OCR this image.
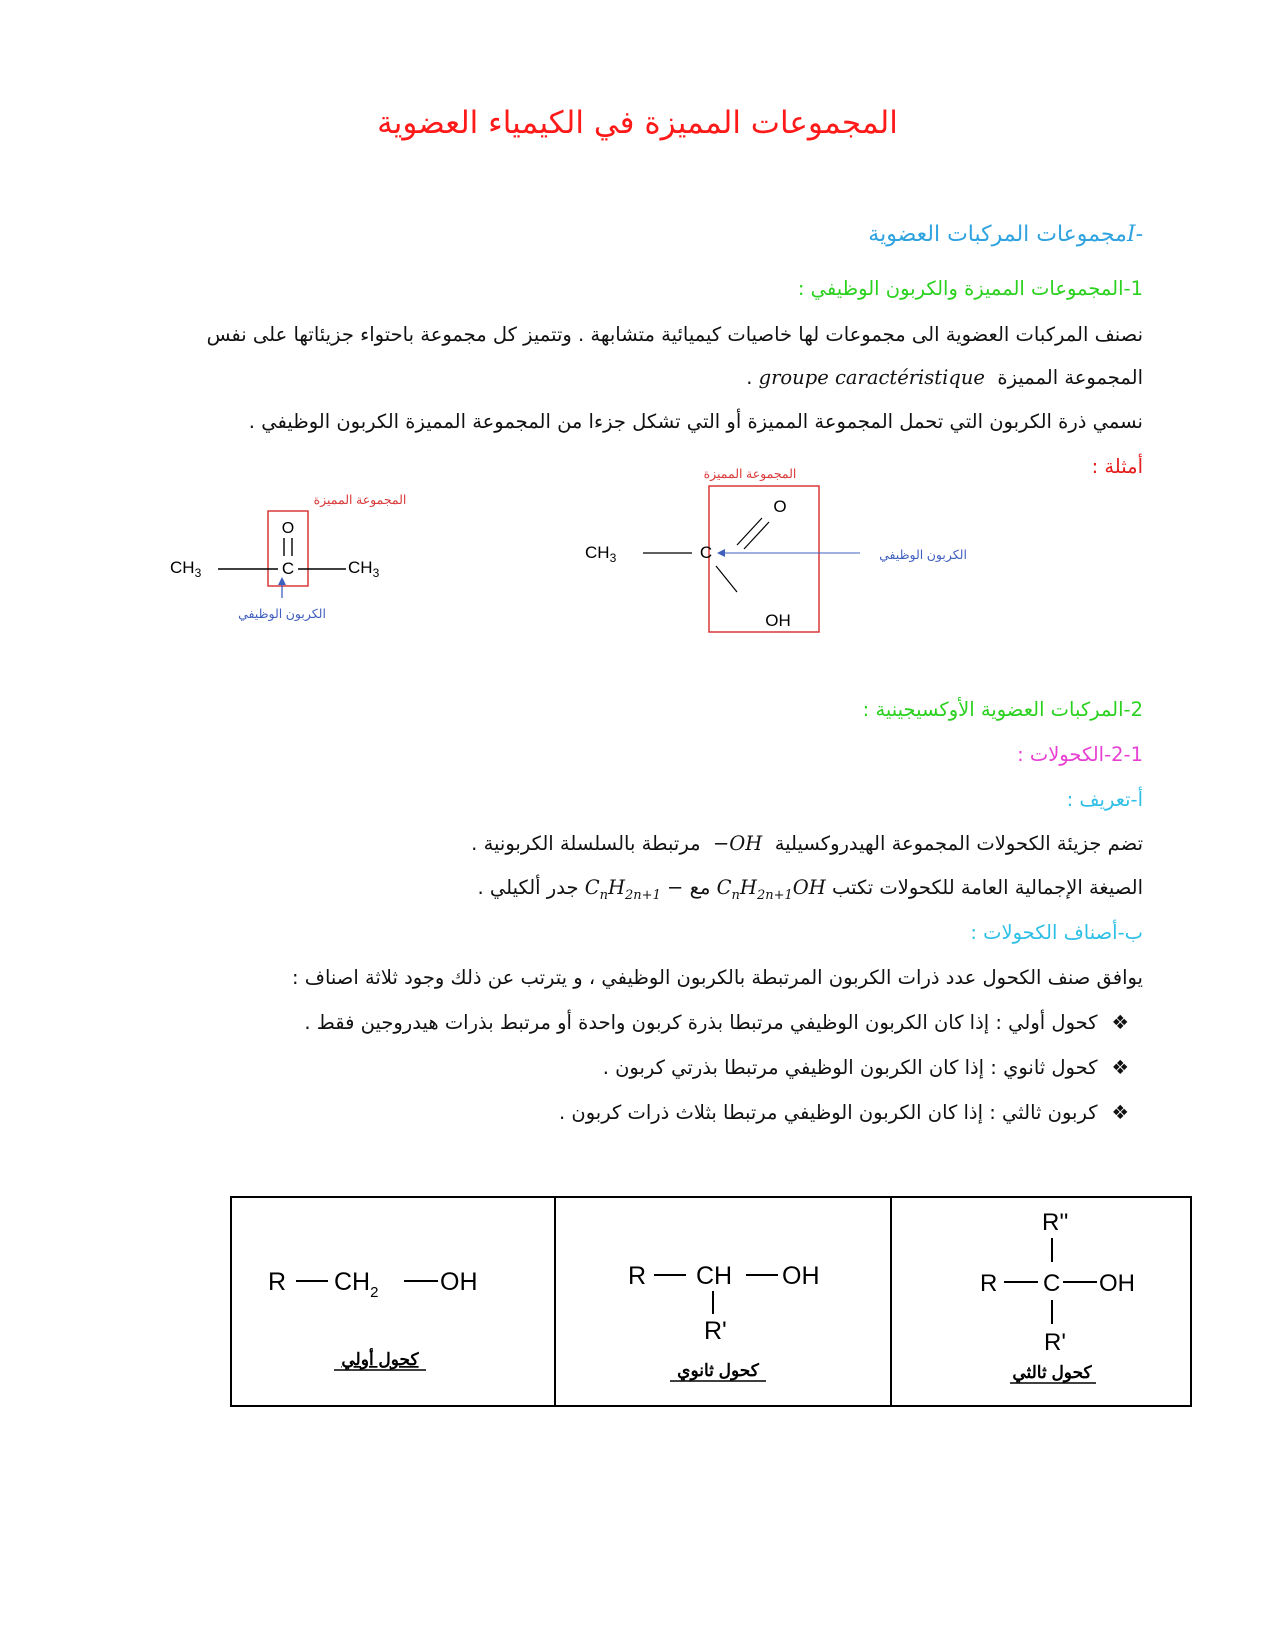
المجموعات المميزة في الكيمياء العضوية
I-مجموعات المركبات العضوية
1-المجموعات المميزة والكربون الوظيفي :
نصنف المركبات العضوية الى مجموعات لها خاصيات كيميائية متشابهة . وتتميز كل مجموعة باحتواء جزيئاتها على نفس
المجموعة المميزة  groupe caractéristique .
نسمي ذرة الكربون التي تحمل المجموعة المميزة أو التي تشكل جزءا من المجموعة المميزة الكربون الوظيفي .
أمثلة :
المجموعة المميزة
O
$CH_3$	C	$CH_3$
الكربون الوظيفي
المجموعة المميزة
O
$CH_3$	C	الكربون الوظيفي
OH
2-المركبات العضوية الأوكسيجينية :
2-1-الكحولات :
أ-تعريف :
تضم جزيئة الكحولات المجموعة الهيدروكسيلية  −OH  مرتبطة بالسلسلة الكربونية .
الصيغة الإجمالية العامة للكحولات تكتب $C_nH_{2n+1}OH$ مع $C_nH_{2n+1}$ − جدر ألكيلي .
ب-أصناف الكحولات :
يوافق صنف الكحول عدد ذرات الكربون المرتبطة بالكربون الوظيفي ، و يترتب عن ذلك وجود ثلاثة اصناف :
❖كحول أولي : إذا كان الكربون الوظيفي مرتبطا بذرة كربون واحدة أو مرتبط بذرات هيدروجين فقط .
❖كحول ثانوي : إذا كان الكربون الوظيفي مرتبطا بذرتي كربون .
❖كربون ثالثي : إذا كان الكربون الوظيفي مرتبطا بثلاث ذرات كربون .
R $CH_2$ OH
كحول أولي
R CH OH
R'
كحول ثانوي
R''
R C OH
R'
كحول ثالثي
